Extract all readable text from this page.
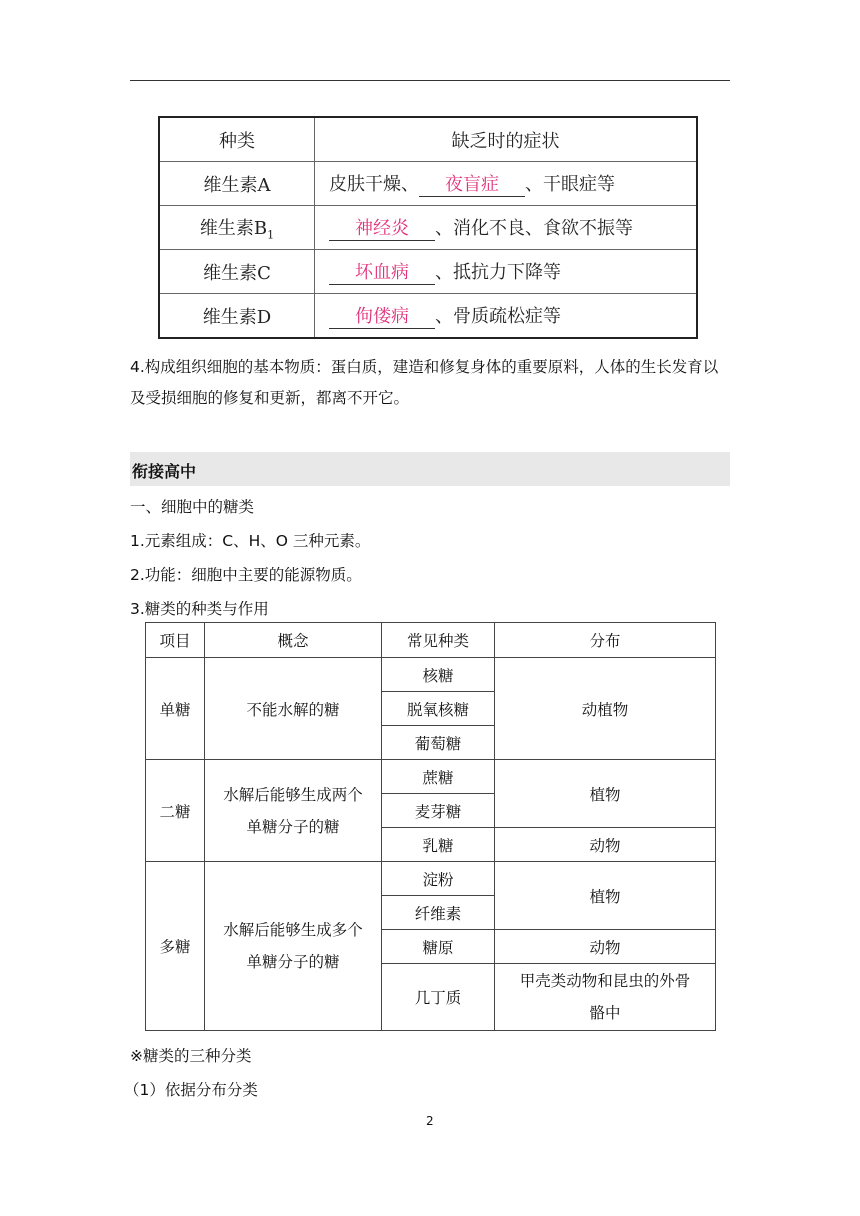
种类	缺乏时的症状
维生素A	皮肤干燥、 夜盲症 、干眼症等
维生素$B_1$	神经炎 、消化不良、食欲不振等
维生素C	坏血病 、抵抗力下降等
维生素D	佝偻病 、骨质疏松症等
4.构成组织细胞的基本物质：蛋白质，建造和修复身体的重要原料，人体的生长发育以及受损细胞的修复和更新，都离不开它。
衔接高中
一、细胞中的糖类
1.元素组成：C、H、O 三种元素。
2.功能：细胞中主要的能源物质。
3.糖类的种类与作用
项目	概念	常见种类	分布
单糖	不能水解的糖	核糖	动植物
		脱氧核糖	
		葡萄糖	
二糖	水解后能够生成两个
单糖分子的糖	蔗糖	植物
		麦芽糖	
		乳糖	动物
多糖	水解后能够生成多个
单糖分子的糖	淀粉	植物
		纤维素	
		糖原	动物
		几丁质	甲壳类动物和昆虫的外骨
骼中
※糖类的三种分类
（1）依据分布分类
2
